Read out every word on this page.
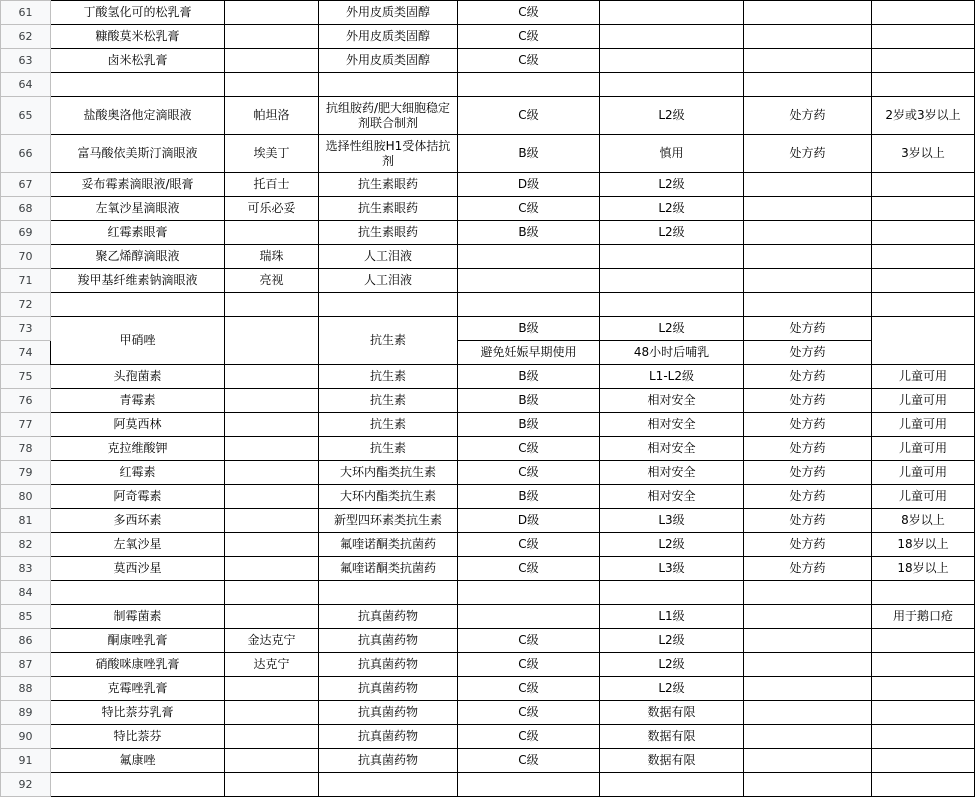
61	丁酸氢化可的松乳膏		外用皮质类固醇	C级			
62	糠酸莫米松乳膏		外用皮质类固醇	C级			
63	卤米松乳膏		外用皮质类固醇	C级			
64							
65	盐酸奥洛他定滴眼液	帕坦洛	抗组胺药/肥大细胞稳定剂联合制剂	C级	L2级	处方药	2岁或3岁以上
66	富马酸依美斯汀滴眼液	埃美丁	选择性组胺H1受体拮抗剂	B级	慎用	处方药	3岁以上
67	妥布霉素滴眼液/眼膏	托百士	抗生素眼药	D级	L2级		
68	左氧沙星滴眼液	可乐必妥	抗生素眼药	C级	L2级		
69	红霉素眼膏		抗生素眼药	B级	L2级		
70	聚乙烯醇滴眼液	瑞珠	人工泪液				
71	羧甲基纤维素钠滴眼液	亮视	人工泪液				
72							
73	甲硝唑		抗生素	B级	L2级	处方药	
74				避免妊娠早期使用	48小时后哺乳	处方药	
75	头孢菌素		抗生素	B级	L1-L2级	处方药	儿童可用
76	青霉素		抗生素	B级	相对安全	处方药	儿童可用
77	阿莫西林		抗生素	B级	相对安全	处方药	儿童可用
78	克拉维酸钾		抗生素	C级	相对安全	处方药	儿童可用
79	红霉素		大环内酯类抗生素	C级	相对安全	处方药	儿童可用
80	阿奇霉素		大环内酯类抗生素	B级	相对安全	处方药	儿童可用
81	多西环素		新型四环素类抗生素	D级	L3级	处方药	8岁以上
82	左氧沙星		氟喹诺酮类抗菌药	C级	L2级	处方药	18岁以上
83	莫西沙星		氟喹诺酮类抗菌药	C级	L3级	处方药	18岁以上
84							
85	制霉菌素		抗真菌药物		L1级		用于鹅口疮
86	酮康唑乳膏	金达克宁	抗真菌药物	C级	L2级		
87	硝酸咪康唑乳膏	达克宁	抗真菌药物	C级	L2级		
88	克霉唑乳膏		抗真菌药物	C级	L2级		
89	特比萘芬乳膏		抗真菌药物	C级	数据有限		
90	特比萘芬		抗真菌药物	C级	数据有限		
91	氟康唑		抗真菌药物	C级	数据有限		
92							
